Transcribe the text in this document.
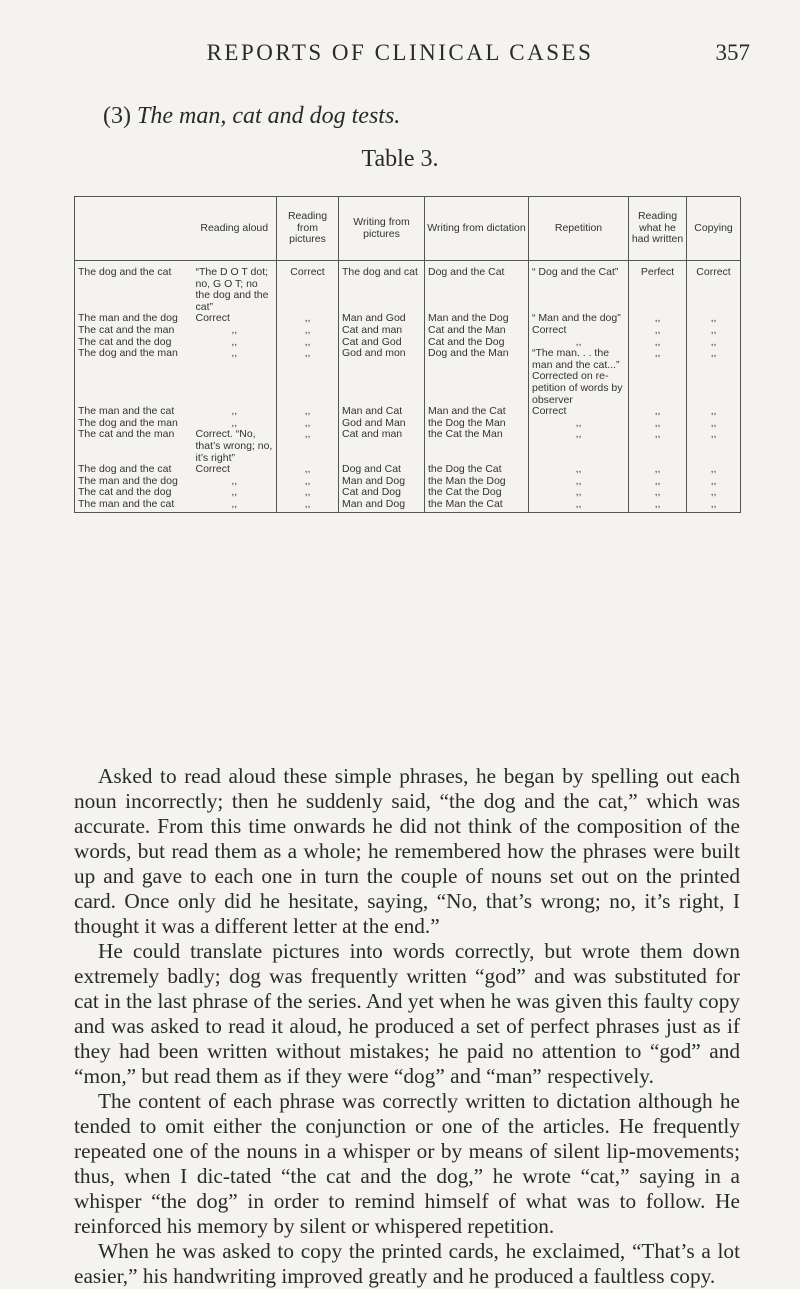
REPORTS OF CLINICAL CASES	357
(3) The man, cat and dog tests.
Table 3.
	Reading aloud	Reading from pictures	Writing from pictures	Writing from dictation	Repetition	Reading what he had written	Copying
The dog and the cat	“The D O T dot; no, G O T; no the dog and the cat”	Correct	The dog and cat	Dog and the Cat	“ Dog and the Cat”	Perfect	Correct
The man and the dog	Correct	,,	Man and God	Man and the Dog	“ Man and the dog”	,,	,,
The cat and the man	,,	,,	Cat and man	Cat and the Man	Correct	,,	,,
The cat and the dog	,,	,,	Cat and God	Cat and the Dog	,,	,,	,,
The dog and the man	,,	,,	God and mon	Dog and the Man	“The man. . . the man and the cat...” Corrected on re-petition of words by observer	,,	,,
The man and the cat	,,	,,	Man and Cat	Man and the Cat	Correct	,,	,,
The dog and the man	,,	,,	God and Man	the Dog the Man	,,	,,	,,
The cat and the man	Correct. “No, that’s wrong; no, it’s right”	,,	Cat and man	the Cat the Man	,,	,,	,,
The dog and the cat	Correct	,,	Dog and Cat	the Dog the Cat	,,	,,	,,
The man and the dog	,,	,,	Man and Dog	the Man the Dog	,,	,,	,,
The cat and the dog	,,	,,	Cat and Dog	the Cat the Dog	,,	,,	,,
The man and the cat	,,	,,	Man and Dog	the Man the Cat	,,	,,	,,

Asked to read aloud these simple phrases, he began by spelling out each noun incorrectly; then he suddenly said, “the dog and the cat,” which was accurate. From this time onwards he did not think of the composition of the words, but read them as a whole; he remembered how the phrases were built up and gave to each one in turn the couple of nouns set out on the printed card. Once only did he hesitate, saying, “No, that’s wrong; no, it’s right, I thought it was a different letter at the end.”

He could translate pictures into words correctly, but wrote them down extremely badly; dog was frequently written “god” and was substituted for cat in the last phrase of the series. And yet when he was given this faulty copy and was asked to read it aloud, he produced a set of perfect phrases just as if they had been written without mistakes; he paid no attention to “god” and “mon,” but read them as if they were “dog” and “man” respectively.

The content of each phrase was correctly written to dictation although he tended to omit either the conjunction or one of the articles. He frequently repeated one of the nouns in a whisper or by means of silent lip-movements; thus, when I dic-tated “the cat and the dog,” he wrote “cat,” saying in a whisper “the dog” in order to remind himself of what was to follow. He reinforced his memory by silent or whispered repetition.

When he was asked to copy the printed cards, he exclaimed, “That’s a lot easier,” his handwriting improved greatly and he produced a faultless copy.
